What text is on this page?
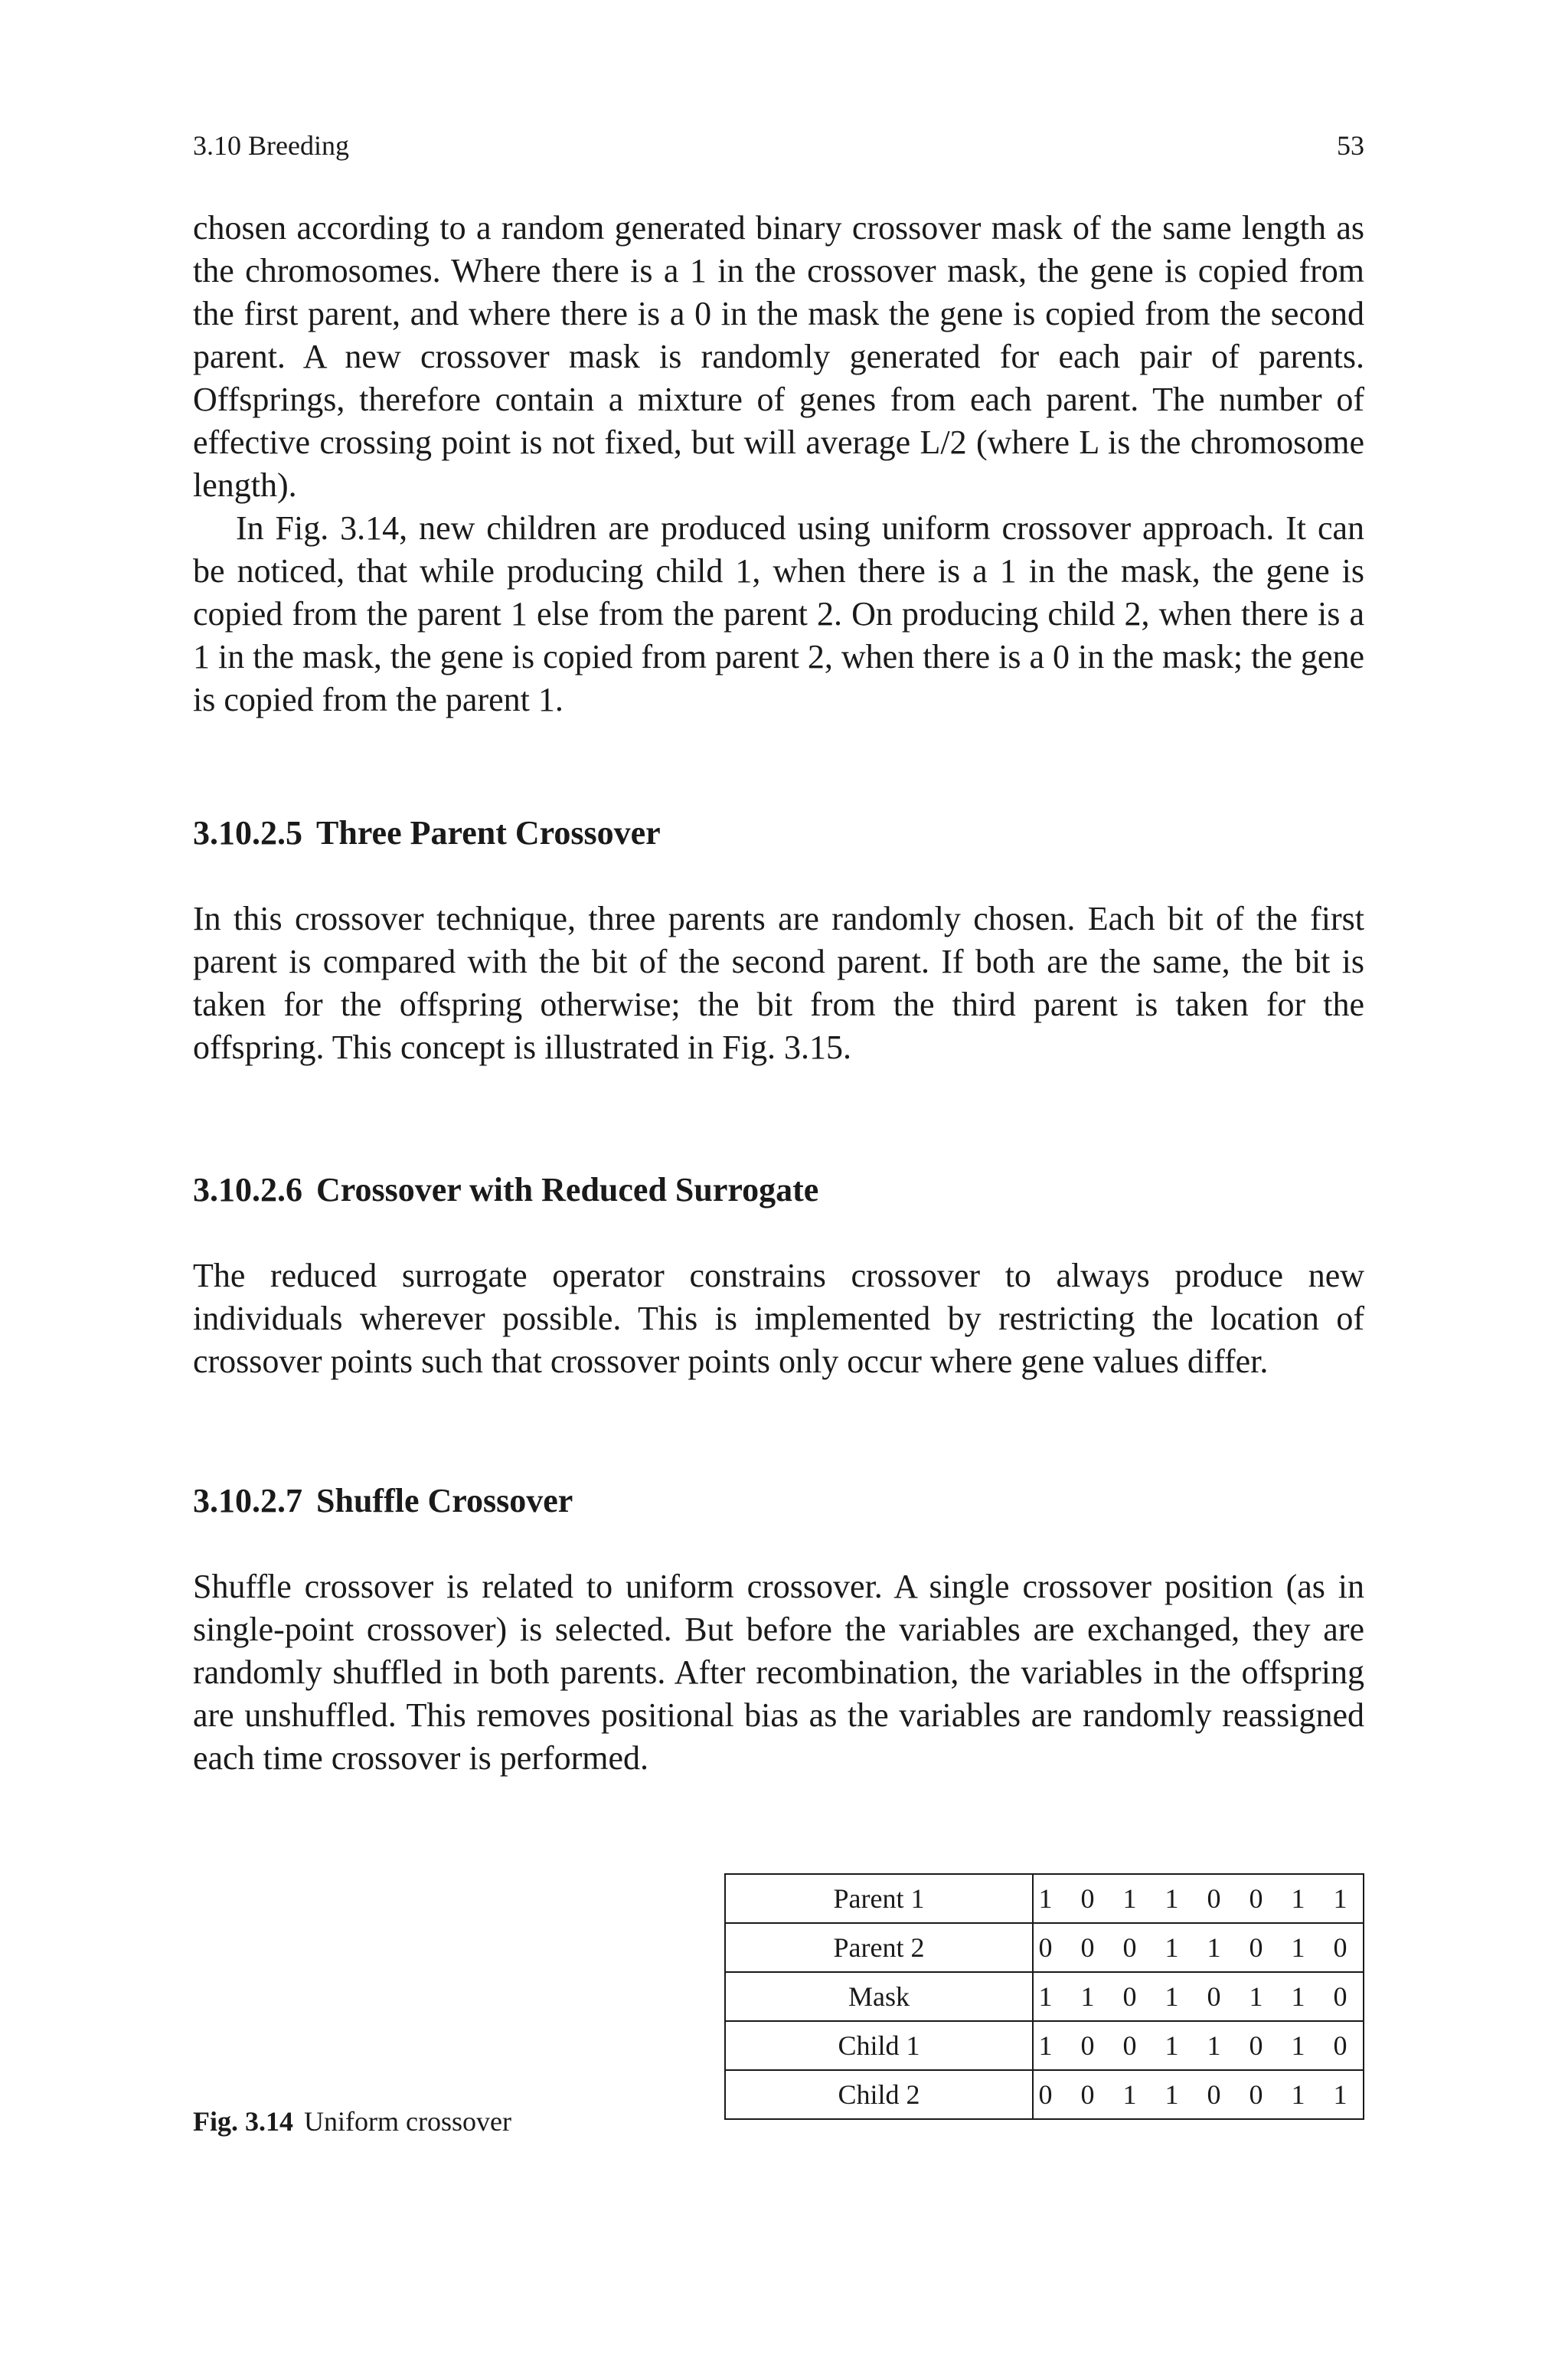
3.10 Breeding	53

chosen according to a random generated binary crossover mask of the same length as the chromosomes. Where there is a 1 in the crossover mask, the gene is copied from the first parent, and where there is a 0 in the mask the gene is copied from the second parent. A new crossover mask is randomly generated for each pair of parents. Offsprings, therefore contain a mixture of genes from each parent. The number of effective crossing point is not fixed, but will average L/2 (where L is the chromosome length).

In Fig. 3.14, new children are produced using uniform crossover approach. It can be noticed, that while producing child 1, when there is a 1 in the mask, the gene is copied from the parent 1 else from the parent 2. On producing child 2, when there is a 1 in the mask, the gene is copied from parent 2, when there is a 0 in the mask; the gene is copied from the parent 1.

3.10.2.5 Three Parent Crossover

In this crossover technique, three parents are randomly chosen. Each bit of the first parent is compared with the bit of the second parent. If both are the same, the bit is taken for the offspring otherwise; the bit from the third parent is taken for the offspring. This concept is illustrated in Fig. 3.15.

3.10.2.6 Crossover with Reduced Surrogate

The reduced surrogate operator constrains crossover to always produce new individuals wherever possible. This is implemented by restricting the location of crossover points such that crossover points only occur where gene values differ.

3.10.2.7 Shuffle Crossover

Shuffle crossover is related to uniform crossover. A single crossover position (as in single-point crossover) is selected. But before the variables are exchanged, they are randomly shuffled in both parents. After recombination, the variables in the offspring are unshuffled. This removes positional bias as the variables are randomly reassigned each time crossover is performed.

Parent 1	1 0 1 1 0 0 1 1
Parent 2	0 0 0 1 1 0 1 0
Mask	1 1 0 1 0 1 1 0
Child 1	1 0 0 1 1 0 1 0
Child 2	0 0 1 1 0 0 1 1
Fig. 3.14 Uniform crossover
